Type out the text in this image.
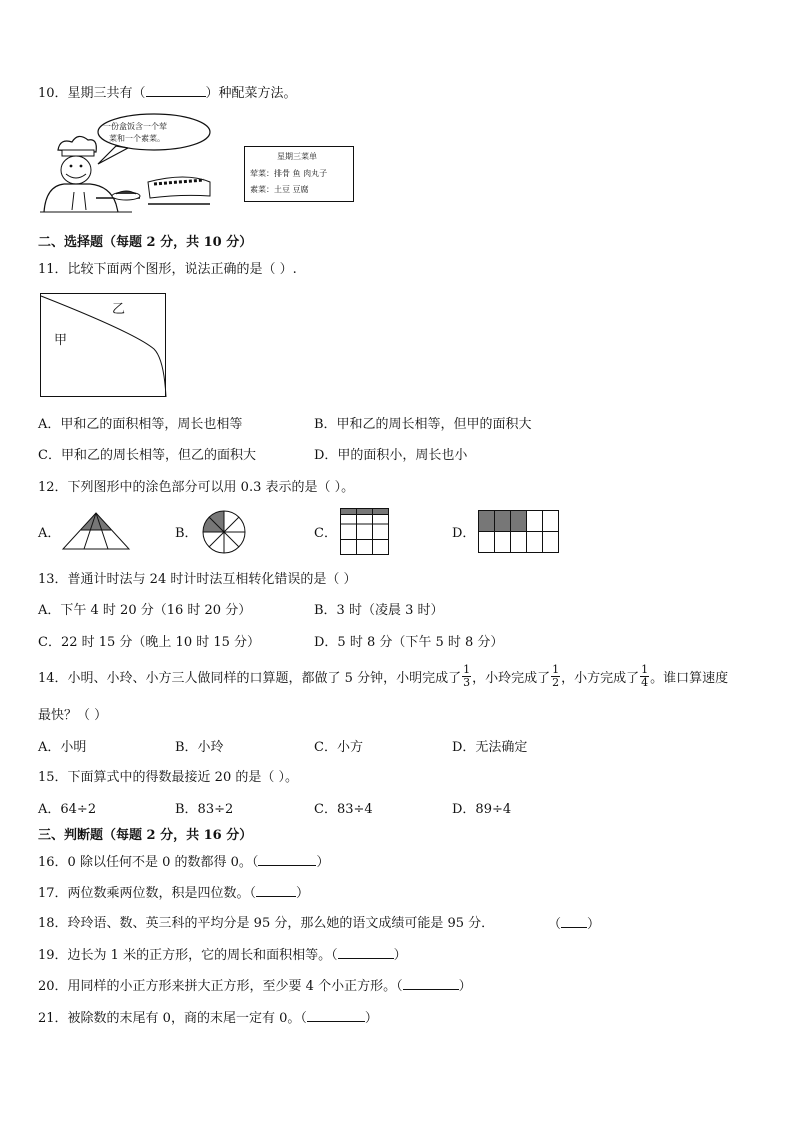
10．星期三共有（	）种配菜方法。
一份盒饭含一个荤
菜和一个素菜。
星期三菜单
荤菜：排骨 鱼 肉丸子
素菜：土豆 豆腐
二、选择题（每题 2 分，共 10 分）
11．比较下面两个图形，说法正确的是（ ）.
乙
甲
A．甲和乙的面积相等，周长也相等	B．甲和乙的周长相等，但甲的面积大
C．甲和乙的周长相等，但乙的面积大	D．甲的面积小，周长也小
12．下列图形中的涂色部分可以用 0.3 表示的是（ ）。
A．	B．	C．	D．
13．普通计时法与 24 时计时法互相转化错误的是（ ）
A．下午 4 时 20 分（16 时 20 分）	B．3 时（凌晨 3 时）
C．22 时 15 分（晚上 10 时 15 分）	D．5 时 8 分（下午 5 时 8 分）
14．小明、小玲、小方三人做同样的口算题，都做了 5 分钟，小明完成了 $\frac{1}{3}$ ，小玲完成了 $\frac{1}{2}$ ，小方完成了 $\frac{1}{4}$ 。谁口算速度
最快？（ ）
A．小明	B．小玲	C．小方	D．无法确定
15．下面算式中的得数最接近 20 的是（ ）。
A．64÷2	B．83÷2	C．83÷4	D．89÷4
三、判断题（每题 2 分，共 16 分）
16．0 除以任何不是 0 的数都得 0。（	）
17．两位数乘两位数，积是四位数。（	）
18．玲玲语、数、英三科的平均分是 95 分，那么她的语文成绩可能是 95 分．	（ ）
19．边长为 1 米的正方形，它的周长和面积相等。（	）
20．用同样的小正方形来拼大正方形，至少要 4 个小正方形。（	）
21．被除数的末尾有 0，商的末尾一定有 0。（	）
